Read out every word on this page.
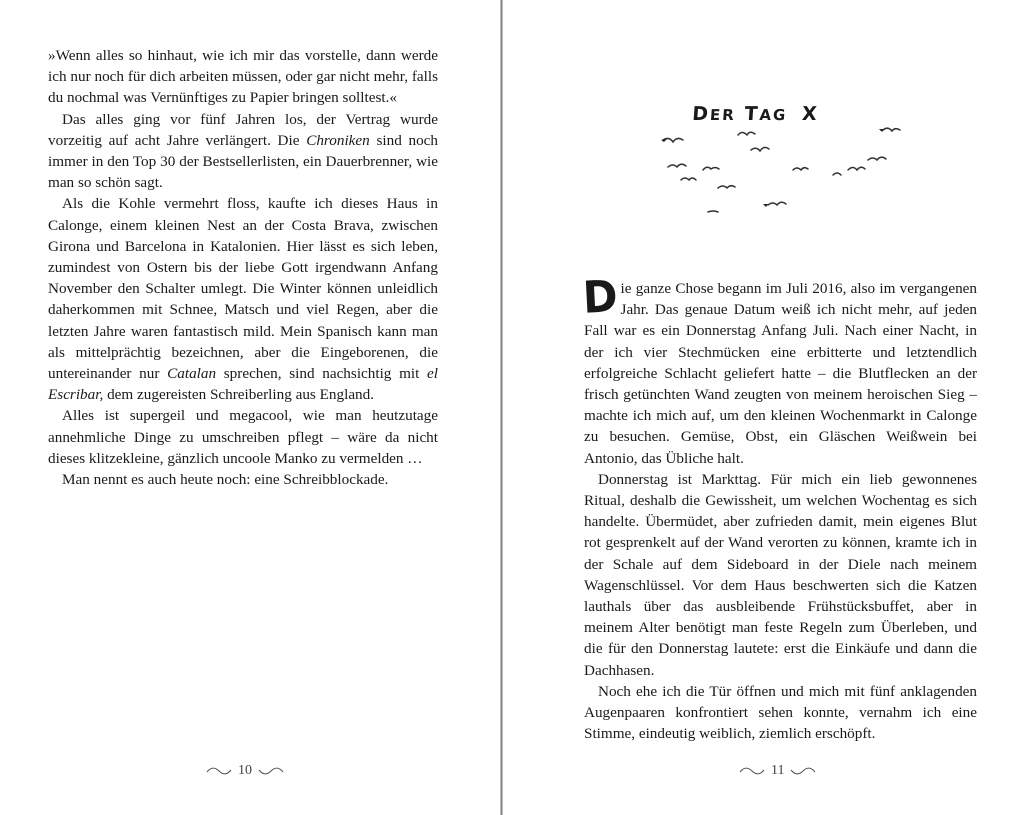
»Wenn alles so hinhaut, wie ich mir das vorstelle, dann werde ich nur noch für dich arbeiten müssen, oder gar nicht mehr, falls du nochmal was Vernünftiges zu Papier bringen solltest.«

Das alles ging vor fünf Jahren los, der Vertrag wurde vorzeitig auf acht Jahre verlängert. Die Chroniken sind noch immer in den Top 30 der Bestsellerlisten, ein Dauerbrenner, wie man so schön sagt.

Als die Kohle vermehrt floss, kaufte ich dieses Haus in Calonge, einem kleinen Nest an der Costa Brava, zwischen Girona und Barcelona in Katalonien. Hier lässt es sich leben, zumindest von Ostern bis der liebe Gott irgendwann Anfang November den Schalter umlegt. Die Winter können unleidlich daherkommen mit Schnee, Matsch und viel Regen, aber die letzten Jahre waren fantastisch mild. Mein Spanisch kann man als mittelprächtig bezeichnen, aber die Eingeborenen, die untereinander nur Catalan sprechen, sind nachsichtig mit el Escribar, dem zugereisten Schreiberling aus England.

Alles ist supergeil und megacool, wie man heutzutage annehmliche Dinge zu umschreiben pflegt – wäre da nicht dieses klitzekleine, gänzlich uncoole Manko zu vermelden …

Man nennt es auch heute noch: eine Schreibblockade.

10
DER TAG X

Die ganze Chose begann im Juli 2016, also im vergangenen Jahr. Das genaue Datum weiß ich nicht mehr, auf jeden Fall war es ein Donnerstag Anfang Juli. Nach einer Nacht, in der ich vier Stechmücken eine erbitterte und letztendlich erfolgreiche Schlacht geliefert hatte – die Blutflecken an der frisch getünchten Wand zeugten von meinem heroischen Sieg – machte ich mich auf, um den kleinen Wochenmarkt in Calonge zu besuchen. Gemüse, Obst, ein Gläschen Weißwein bei Antonio, das Übliche halt.

Donnerstag ist Markttag. Für mich ein lieb gewonnenes Ritual, deshalb die Gewissheit, um welchen Wochentag es sich handelte. Übermüdet, aber zufrieden damit, mein eigenes Blut rot gesprenkelt auf der Wand verorten zu können, kramte ich in der Schale auf dem Sideboard in der Diele nach meinem Wagenschlüssel. Vor dem Haus beschwerten sich die Katzen lauthals über das ausbleibende Frühstücksbuffet, aber in meinem Alter benötigt man feste Regeln zum Überleben, und die für den Donnerstag lautete: erst die Einkäufe und dann die Dachhasen.

Noch ehe ich die Tür öffnen und mich mit fünf anklagenden Augenpaaren konfrontiert sehen konnte, vernahm ich eine Stimme, eindeutig weiblich, ziemlich erschöpft.

11
